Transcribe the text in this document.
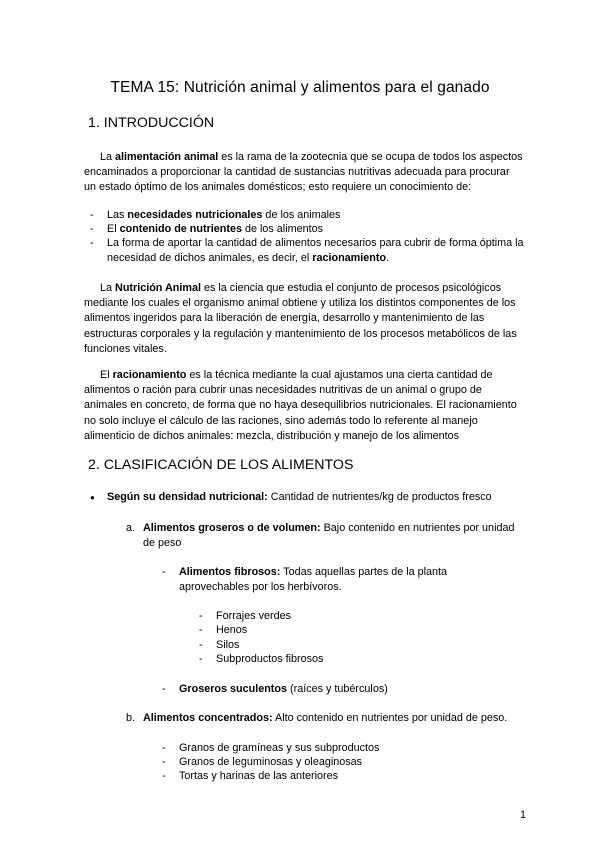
TEMA 15: Nutrición animal y alimentos para el ganado
1. INTRODUCCIÓN
La alimentación animal es la rama de la zootecnia que se ocupa de todos los aspectos encaminados a proporcionar la cantidad de sustancias nutritivas adecuada para procurar un estado óptimo de los animales domésticos; esto requiere un conocimiento de:
- Las necesidades nutricionales de los animales
- El contenido de nutrientes de los alimentos
- La forma de aportar la cantidad de alimentos necesarios para cubrir de forma óptima la necesidad de dichos animales, es decir, el racionamiento.
La Nutrición Animal es la ciencia que estudia el conjunto de procesos psicológicos mediante los cuales el organismo animal obtiene y utiliza los distintos componentes de los alimentos ingeridos para la liberación de energía, desarrollo y mantenimiento de las estructuras corporales y la regulación y mantenimiento de los procesos metabólicos de las funciones vitales.
El racionamiento es la técnica mediante la cual ajustamos una cierta cantidad de alimentos o ración para cubrir unas necesidades nutritivas de un animal o grupo de animales en concreto, de forma que no haya desequilibrios nutricionales. El racionamiento no solo incluye el cálculo de las raciones, sino además todo lo referente al manejo alimenticio de dichos animales: mezcla, distribución y manejo de los alimentos
2. CLASIFICACIÓN DE LOS ALIMENTOS
● Según su densidad nutricional: Cantidad de nutrientes/kg de productos fresco
a. Alimentos groseros o de volumen: Bajo contenido en nutrientes por unidad de peso
- Alimentos fibrosos: Todas aquellas partes de la planta aprovechables por los herbívoros.
- Forrajes verdes
- Henos
- Silos
- Subproductos fibrosos
- Groseros suculentos (raíces y tubérculos)
b. Alimentos concentrados: Alto contenido en nutrientes por unidad de peso.
- Granos de gramíneas y sus subproductos
- Granos de leguminosas y oleaginosas
- Tortas y harinas de las anteriores
1
